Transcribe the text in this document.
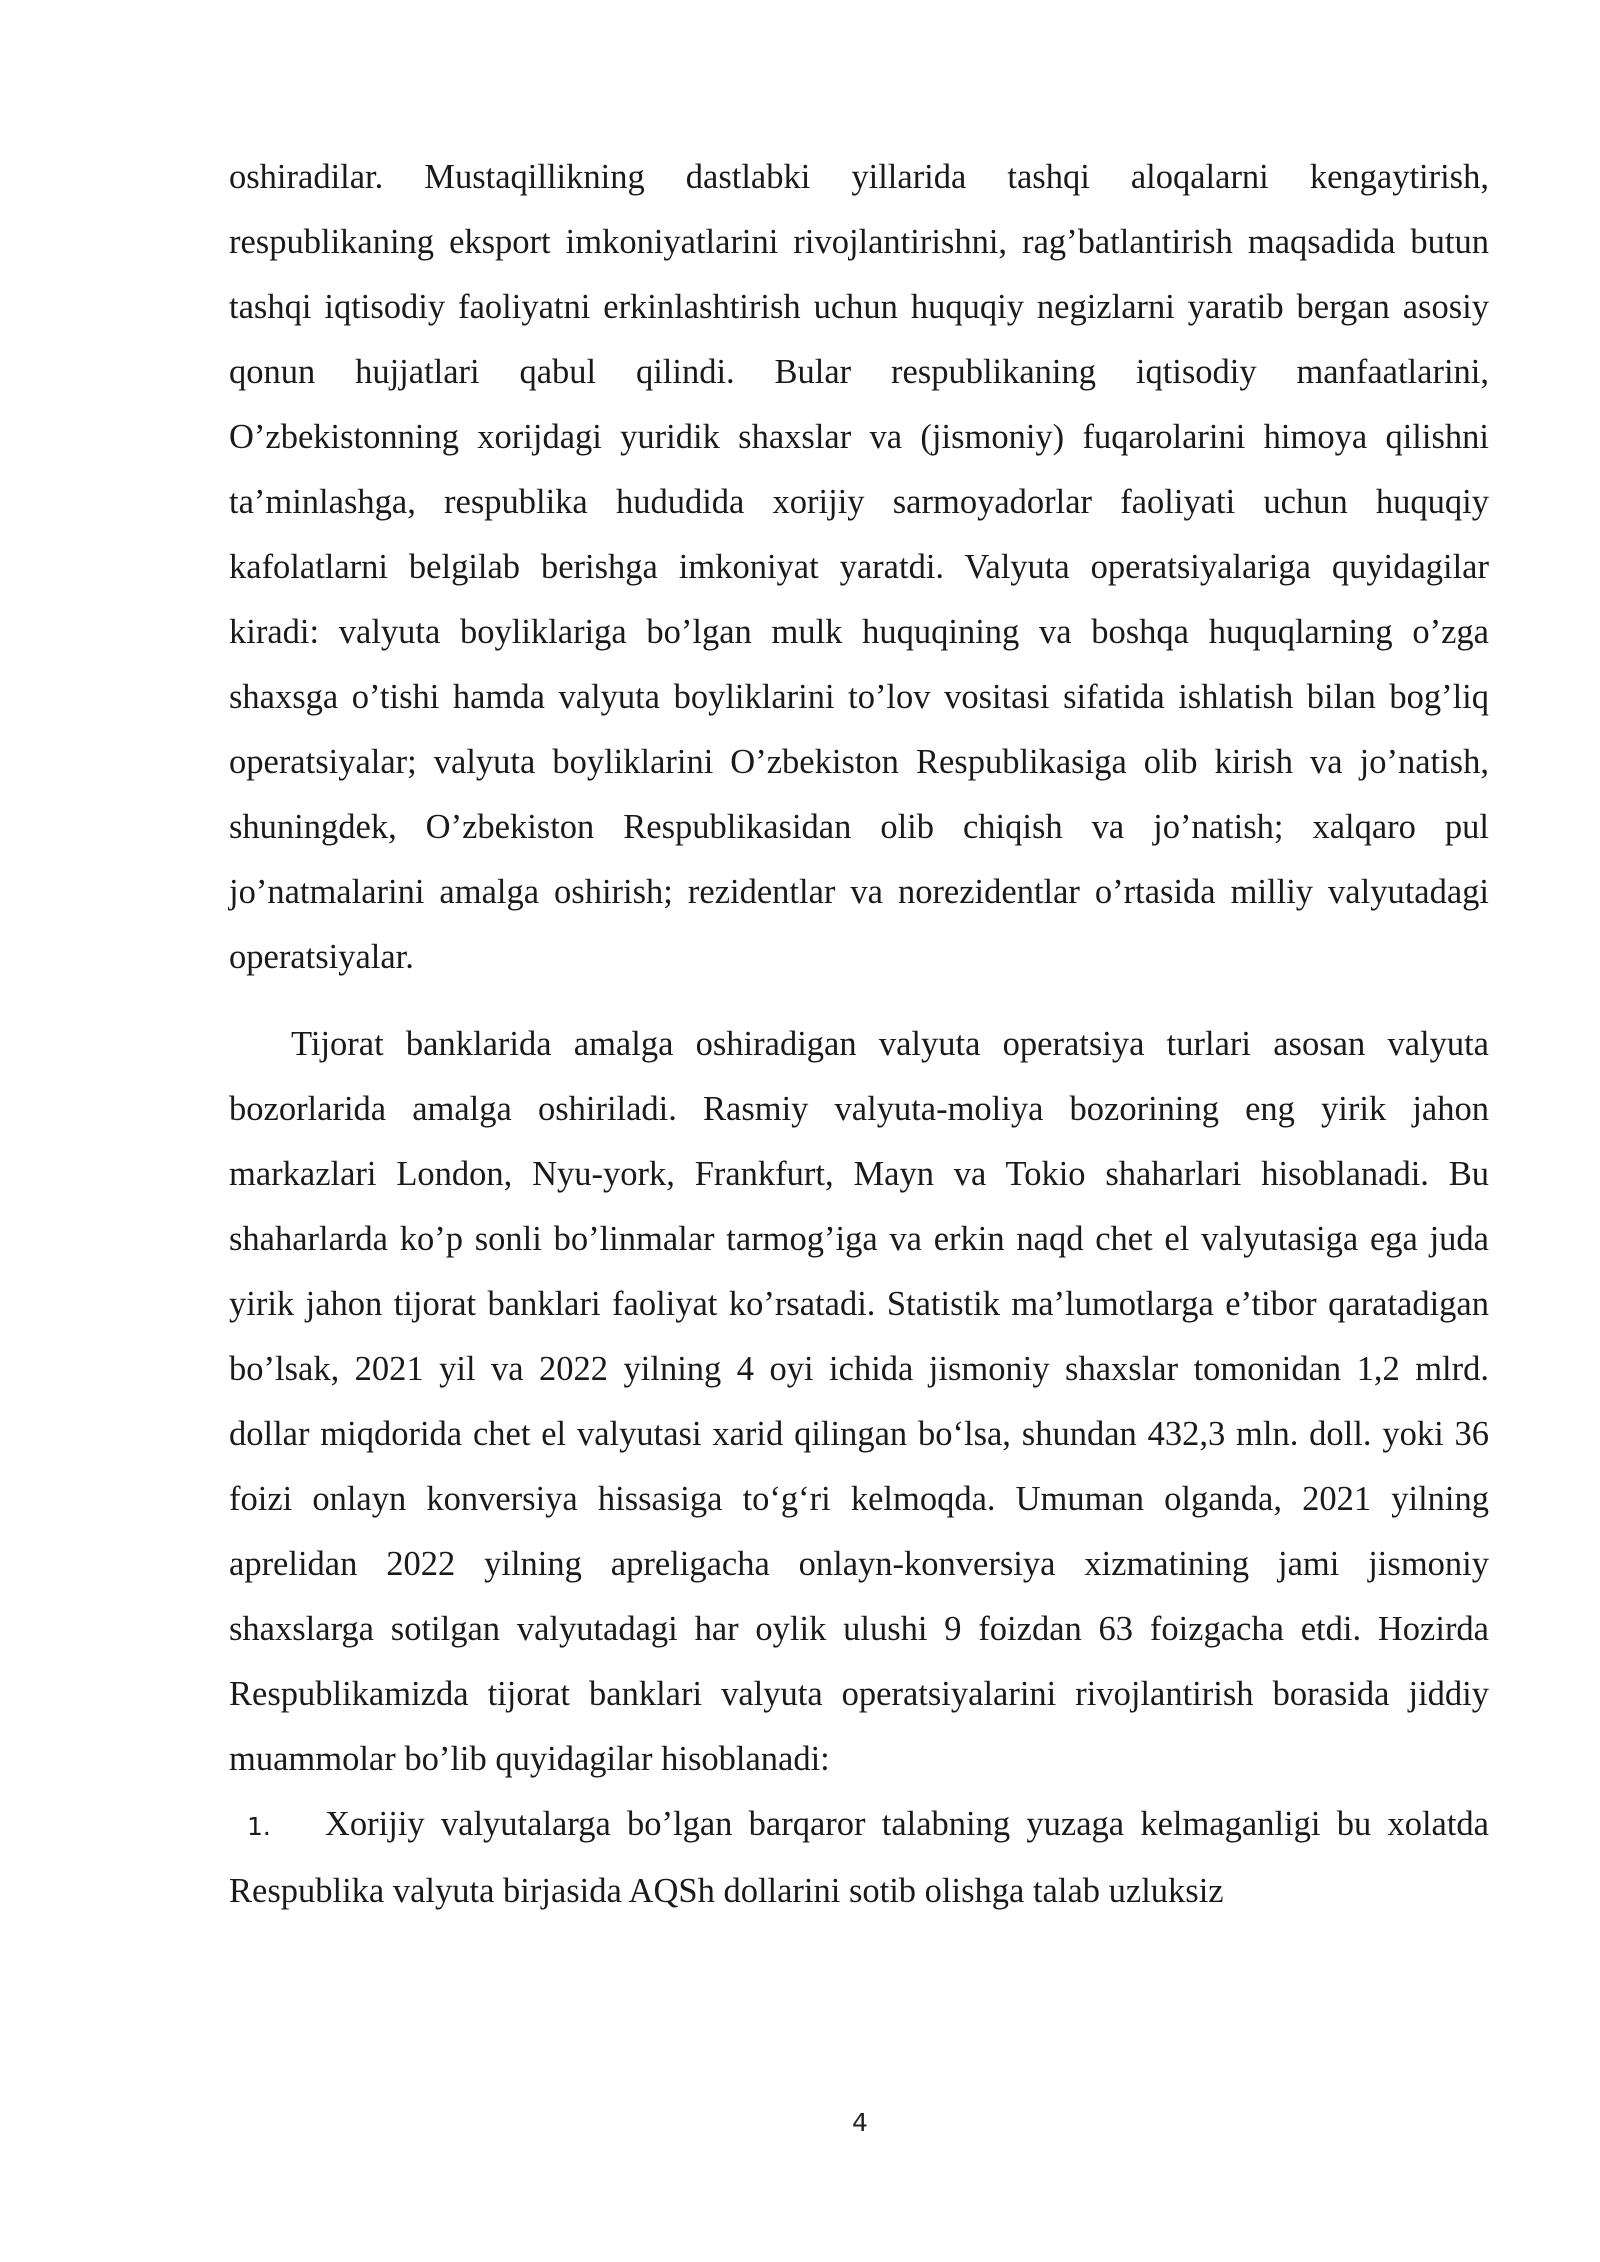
oshiradilar. Mustaqillikning dastlabki yillarida tashqi aloqalarni kengaytirish, respublikaning eksport imkoniyatlarini rivojlantirishni, rag’batlantirish maqsadida butun tashqi iqtisodiy faoliyatni erkinlashtirish uchun huquqiy negizlarni yaratib bergan asosiy qonun hujjatlari qabul qilindi. Bular respublikaning iqtisodiy manfaatlarini, O’zbekistonning xorijdagi yuridik shaxslar va (jismoniy) fuqarolarini himoya qilishni ta’minlashga, respublika hududida xorijiy sarmoyadorlar faoliyati uchun huquqiy kafolatlarni belgilab berishga imkoniyat yaratdi. Valyuta operatsiyalariga quyidagilar kiradi: valyuta boyliklariga bo’lgan mulk huquqining va boshqa huquqlarning o’zga shaxsga o’tishi hamda valyuta boyliklarini to’lov vositasi sifatida ishlatish bilan bog’liq operatsiyalar; valyuta boyliklarini O’zbekiston Respublikasiga olib kirish va jo’natish, shuningdek, O’zbekiston Respublikasidan olib chiqish va jo’natish; xalqaro pul jo’natmalarini amalga oshirish; rezidentlar va norezidentlar o’rtasida milliy valyutadagi operatsiyalar.

Tijorat banklarida amalga oshiradigan valyuta operatsiya turlari asosan valyuta bozorlarida amalga oshiriladi. Rasmiy valyuta-moliya bozorining eng yirik jahon markazlari London, Nyu-york, Frankfurt, Mayn va Tokio shaharlari hisoblanadi. Bu shaharlarda ko’p sonli bo’linmalar tarmog’iga va erkin naqd chet el valyutasiga ega juda yirik jahon tijorat banklari faoliyat ko’rsatadi. Statistik ma’lumotlarga e’tibor qaratadigan bo’lsak, 2021 yil va 2022 yilning 4 oyi ichida jismoniy shaxslar tomonidan 1,2 mlrd. dollar miqdorida chet el valyutasi xarid qilingan bo‘lsa, shundan 432,3 mln. doll. yoki 36 foizi onlayn konversiya hissasiga to‘g‘ri kelmoqda. Umuman olganda, 2021 yilning aprelidan 2022 yilning apreligacha onlayn-konversiya xizmatining jami jismoniy shaxslarga sotilgan valyutadagi har oylik ulushi 9 foizdan 63 foizgacha etdi. Hozirda Respublikamizda tijorat banklari valyuta operatsiyalarini rivojlantirish borasida jiddiy muammolar bo’lib quyidagilar hisoblanadi:

1. Xorijiy valyutalarga bo’lgan barqaror talabning yuzaga kelmaganligi bu xolatda Respublika valyuta birjasida AQSh dollarini sotib olishga talab uzluksiz

4
